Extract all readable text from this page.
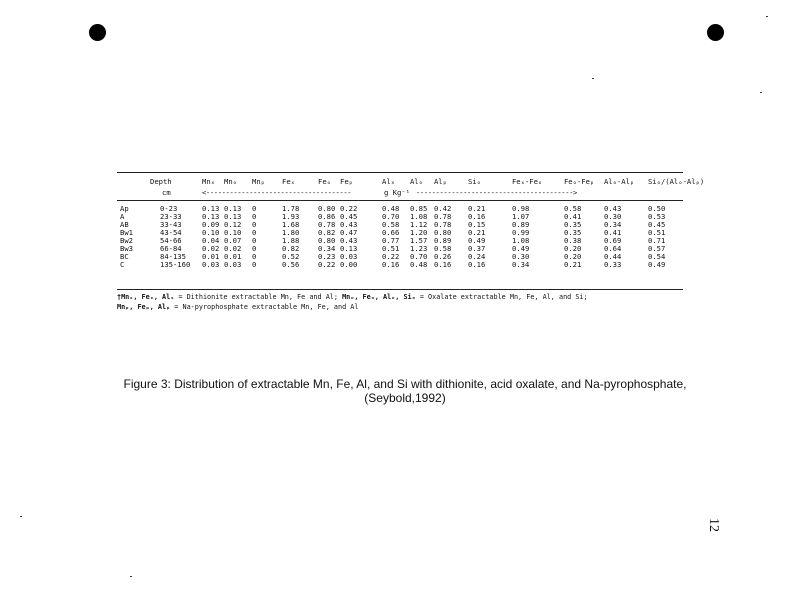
	Depth	Mnₓ	Mnₒ	Mnₚ	Feₓ	Feₒ	Feₚ	Alₓ	Alₒ	Alₚ	Siₒ	Feₓ-Feₒ	Feₒ-Feₚ	Alₒ-Alₚ	Siₒ/(Alₒ-Alₚ)
	cm	<-------------------------------------						g Kg⁻¹	---------------------------------------->						

Ap	0-23	0.13	0.13	0	1.78	0.80	0.22	0.48	0.85	0.42	0.21	0.98	0.58	0.43	0.50
A	23-33	0.13	0.13	0	1.93	0.86	0.45	0.70	1.08	0.78	0.16	1.07	0.41	0.30	0.53
AB	33-43	0.09	0.12	0	1.68	0.78	0.43	0.58	1.12	0.78	0.15	0.89	0.35	0.34	0.45
Bw1	43-54	0.10	0.10	0	1.80	0.82	0.47	0.66	1.20	0.80	0.21	0.99	0.35	0.41	0.51
Bw2	54-66	0.04	0.07	0	1.88	0.80	0.43	0.77	1.57	0.89	0.49	1.08	0.38	0.69	0.71
Bw3	66-84	0.02	0.02	0	0.82	0.34	0.13	0.51	1.23	0.58	0.37	0.49	0.20	0.64	0.57
BC	84-135	0.01	0.01	0	0.52	0.23	0.03	0.22	0.70	0.26	0.24	0.30	0.20	0.44	0.54
C	135-160	0.03	0.03	0	0.56	0.22	0.00	0.16	0.48	0.16	0.16	0.34	0.21	0.33	0.49
†Mnₓ, Feₓ, Alₓ = Dithionite extractable Mn, Fe and Al; Mnₒ, Feₒ, Alₒ, Siₒ = Oxalate extractable Mn, Fe, Al, and Si;
Mnₚ, Feₚ, Alₚ = Na-pyrophosphate extractable Mn, Fe, and Al
Figure 3: Distribution of extractable Mn, Fe, Al, and Si with dithionite, acid oxalate, and Na-pyrophosphate,
(Seybold,1992)
12
